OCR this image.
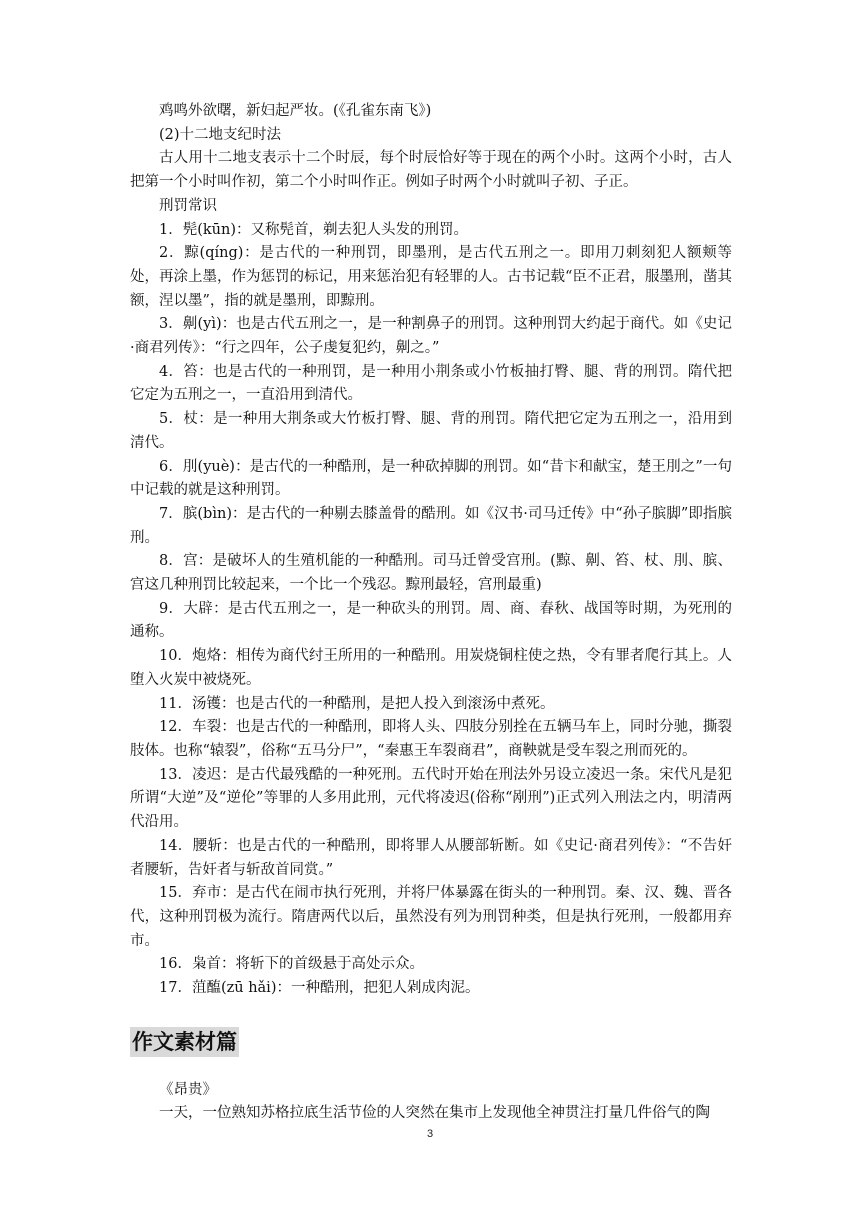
鸡鸣外欲曙，新妇起严妆。(《孔雀东南飞》)

(2)十二地支纪时法

古人用十二地支表示十二个时辰，每个时辰恰好等于现在的两个小时。这两个小时，古人把第一个小时叫作初，第二个小时叫作正。例如子时两个小时就叫子初、子正。

刑罚常识

1．髡(kūn)：又称髡首，剃去犯人头发的刑罚。

2．黥(qíng)：是古代的一种刑罚，即墨刑，是古代五刑之一。即用刀刺刻犯人额颊等处，再涂上墨，作为惩罚的标记，用来惩治犯有轻罪的人。古书记载“臣不正君，服墨刑，凿其额，涅以墨”，指的就是墨刑，即黥刑。

3．劓(yì)：也是古代五刑之一，是一种割鼻子的刑罚。这种刑罚大约起于商代。如《史记·商君列传》：“行之四年，公子虔复犯约，劓之。”

4．笞：也是古代的一种刑罚，是一种用小荆条或小竹板抽打臀、腿、背的刑罚。隋代把它定为五刑之一，一直沿用到清代。

5．杖：是一种用大荆条或大竹板打臀、腿、背的刑罚。隋代把它定为五刑之一，沿用到清代。

6．刖(yuè)：是古代的一种酷刑，是一种砍掉脚的刑罚。如“昔卞和献宝，楚王刖之”一句中记载的就是这种刑罚。

7．膑(bìn)：是古代的一种剔去膝盖骨的酷刑。如《汉书·司马迁传》中“孙子膑脚”即指膑刑。

8．宫：是破坏人的生殖机能的一种酷刑。司马迁曾受宫刑。(黥、劓、笞、杖、刖、膑、宫这几种刑罚比较起来，一个比一个残忍。黥刑最轻，宫刑最重)

9．大辟：是古代五刑之一，是一种砍头的刑罚。周、商、春秋、战国等时期，为死刑的通称。

10．炮烙：相传为商代纣王所用的一种酷刑。用炭烧铜柱使之热，令有罪者爬行其上。人堕入火炭中被烧死。

11．汤镬：也是古代的一种酷刑，是把人投入到滚汤中煮死。

12．车裂：也是古代的一种酷刑，即将人头、四肢分别拴在五辆马车上，同时分驰，撕裂肢体。也称“辕裂”，俗称“五马分尸”，“秦惠王车裂商君”，商鞅就是受车裂之刑而死的。

13．凌迟：是古代最残酷的一种死刑。五代时开始在刑法外另设立凌迟一条。宋代凡是犯所谓“大逆”及“逆伦”等罪的人多用此刑，元代将凌迟(俗称“剐刑”)正式列入刑法之内，明清两代沿用。

14．腰斩：也是古代的一种酷刑，即将罪人从腰部斩断。如《史记·商君列传》：“不告奸者腰斩，告奸者与斩敌首同赏。”

15．弃市：是古代在闹市执行死刑，并将尸体暴露在街头的一种刑罚。秦、汉、魏、晋各代，这种刑罚极为流行。隋唐两代以后，虽然没有列为刑罚种类，但是执行死刑，一般都用弃市。

16．枭首：将斩下的首级悬于高处示众。

17．菹醢(zū hǎi)：一种酷刑，把犯人剁成肉泥。

作文素材篇

《昂贵》

一天，一位熟知苏格拉底生活节俭的人突然在集市上发现他全神贯注打量几件俗气的陶

3
